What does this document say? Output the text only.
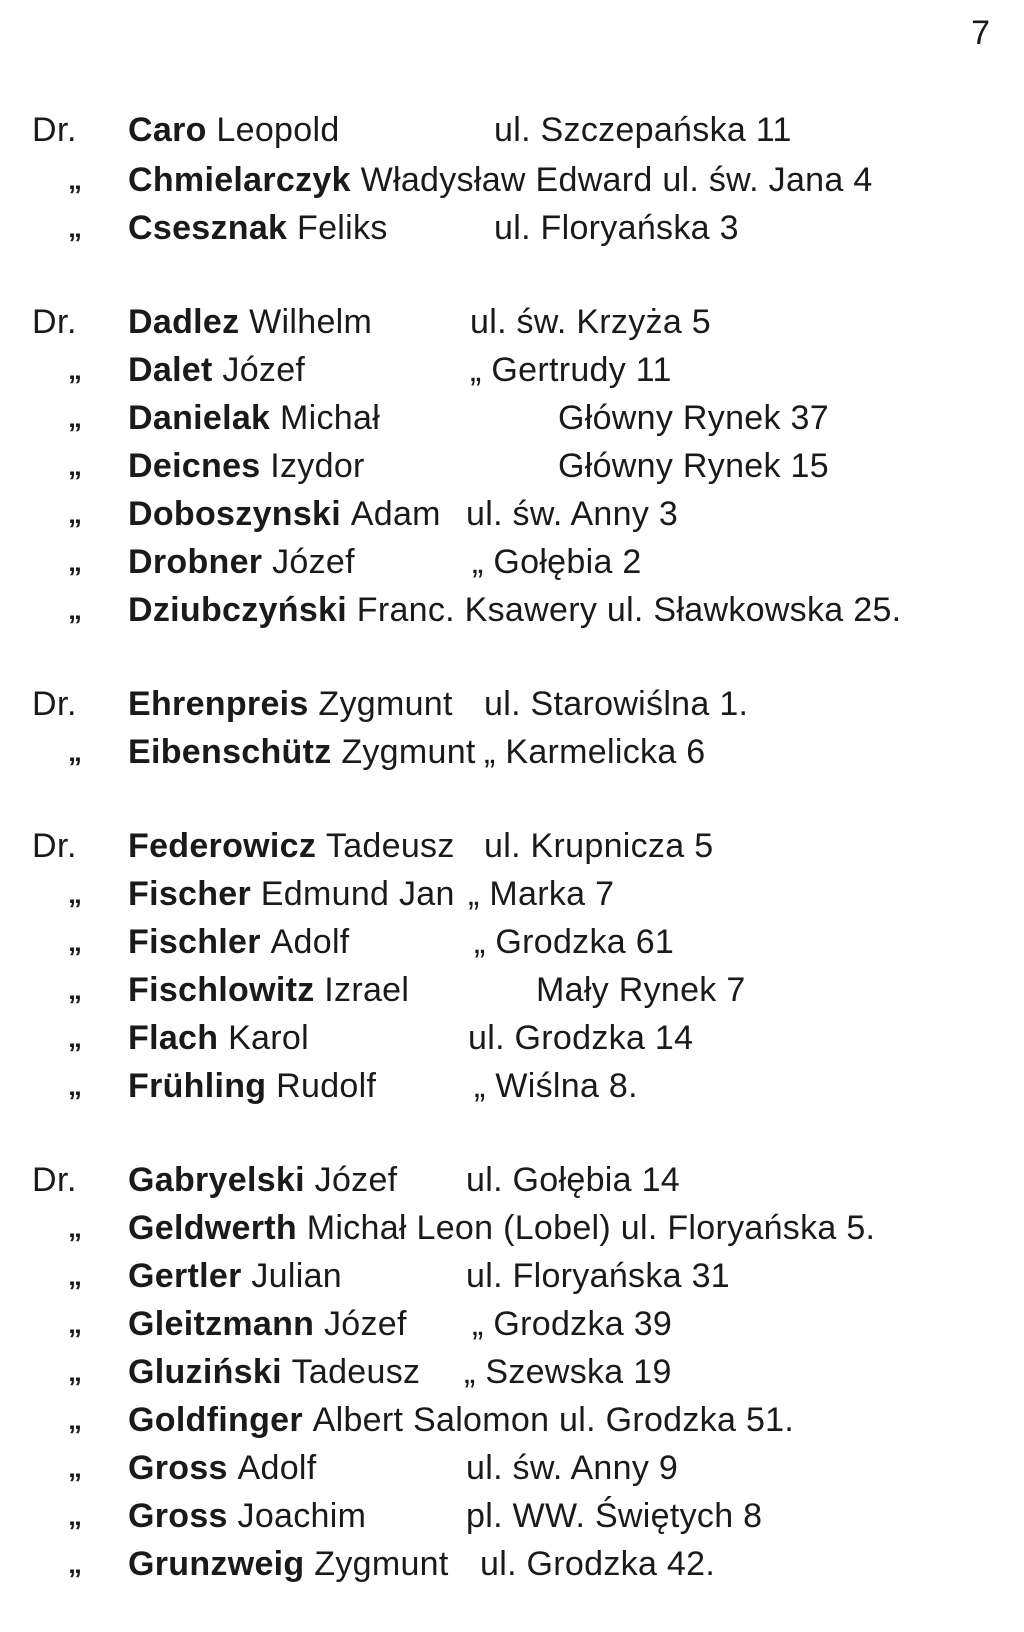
7
Dr. Caro Leopold	ul. Szczepańska 11
„ Chmielarczyk Władysław Edward ul. św. Jana 4
„ Csesznak Feliks	ul. Floryańska 3
Dr. Dadlez Wilhelm	ul. św. Krzyża 5
„ Dalet Józef	„ Gertrudy 11
„ Danielak Michał	Główny Rynek 37
„ Deicnes Izydor	Główny Rynek 15
„ Doboszynski Adam ul. św. Anny 3
„ Drobner Józef	„ Gołębia 2
„ Dziubczyński Franc. Ksawery ul. Sławkowska 25.
Dr. Ehrenpreis Zygmunt ul. Starowiślna 1.
„ Eibenschütz Zygmunt „ Karmelicka 6
Dr. Federowicz Tadeusz ul. Krupnicza 5
„ Fischer Edmund Jan „ Marka 7
„ Fischler Adolf	„ Grodzka 61
„ Fischlowitz Izrael	Mały Rynek 7
„ Flach Karol	ul. Grodzka 14
„ Frühling Rudolf	„ Wiślna 8.
Dr. Gabryelski Józef ul. Gołębia 14
„ Geldwerth Michał Leon (Lobel) ul. Floryańska 5.
„ Gertler Julian	ul. Floryańska 31
„ Gleitzmann Józef „ Grodzka 39
„ Gluziński Tadeusz „ Szewska 19
„ Goldfinger Albert Salomon ul. Grodzka 51.
„ Gross Adolf	ul. św. Anny 9
„ Gross Joachim	pl. WW. Świętych 8
„ Grunzweig Zygmunt ul. Grodzka 42.
